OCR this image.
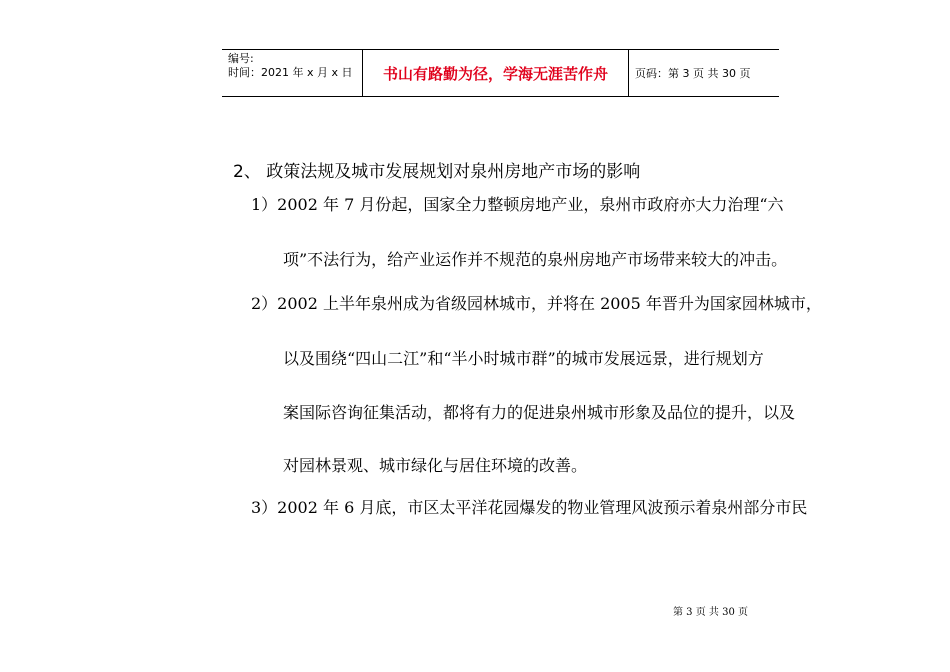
编号:
时间：2021 年 x 月 x 日	书山有路勤为径，学海无涯苦作舟	页码：第 3 页 共 30 页
2、 政策法规及城市发展规划对泉州房地产市场的影响
1）2002 年 7 月份起，国家全力整顿房地产业，泉州市政府亦大力治理“六
项”不法行为，给产业运作并不规范的泉州房地产市场带来较大的冲击。
2）2002 上半年泉州成为省级园林城市，并将在 2005 年晋升为国家园林城市，
以及围绕“四山二江”和“半小时城市群”的城市发展远景，进行规划方
案国际咨询征集活动，都将有力的促进泉州城市形象及品位的提升，以及
对园林景观、城市绿化与居住环境的改善。
3）2002 年 6 月底，市区太平洋花园爆发的物业管理风波预示着泉州部分市民
第 3 页 共 30 页
